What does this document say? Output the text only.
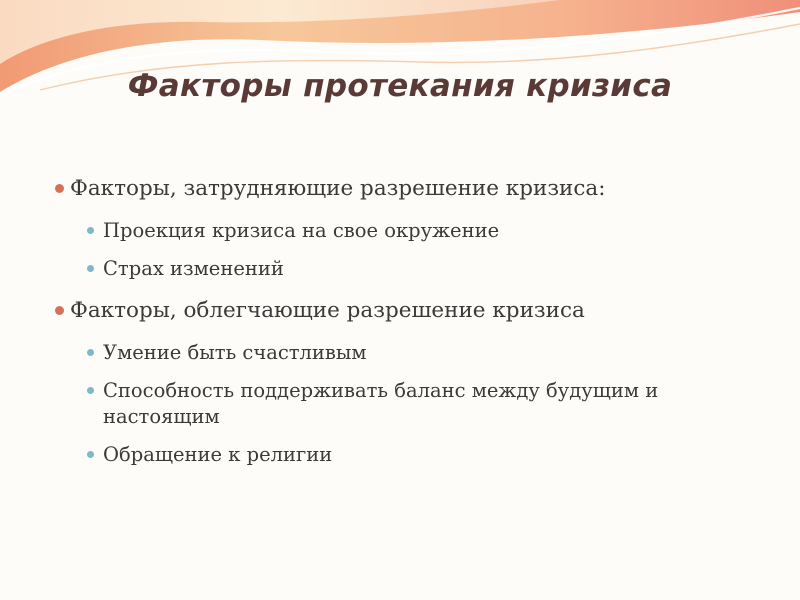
Факторы протекания кризиса
Факторы, затрудняющие разрешение кризиса:
Проекция кризиса на свое окружение
Страх изменений
Факторы, облегчающие разрешение кризиса
Умение быть счастливым
Способность поддерживать баланс между будущим и настоящим
Обращение к религии
